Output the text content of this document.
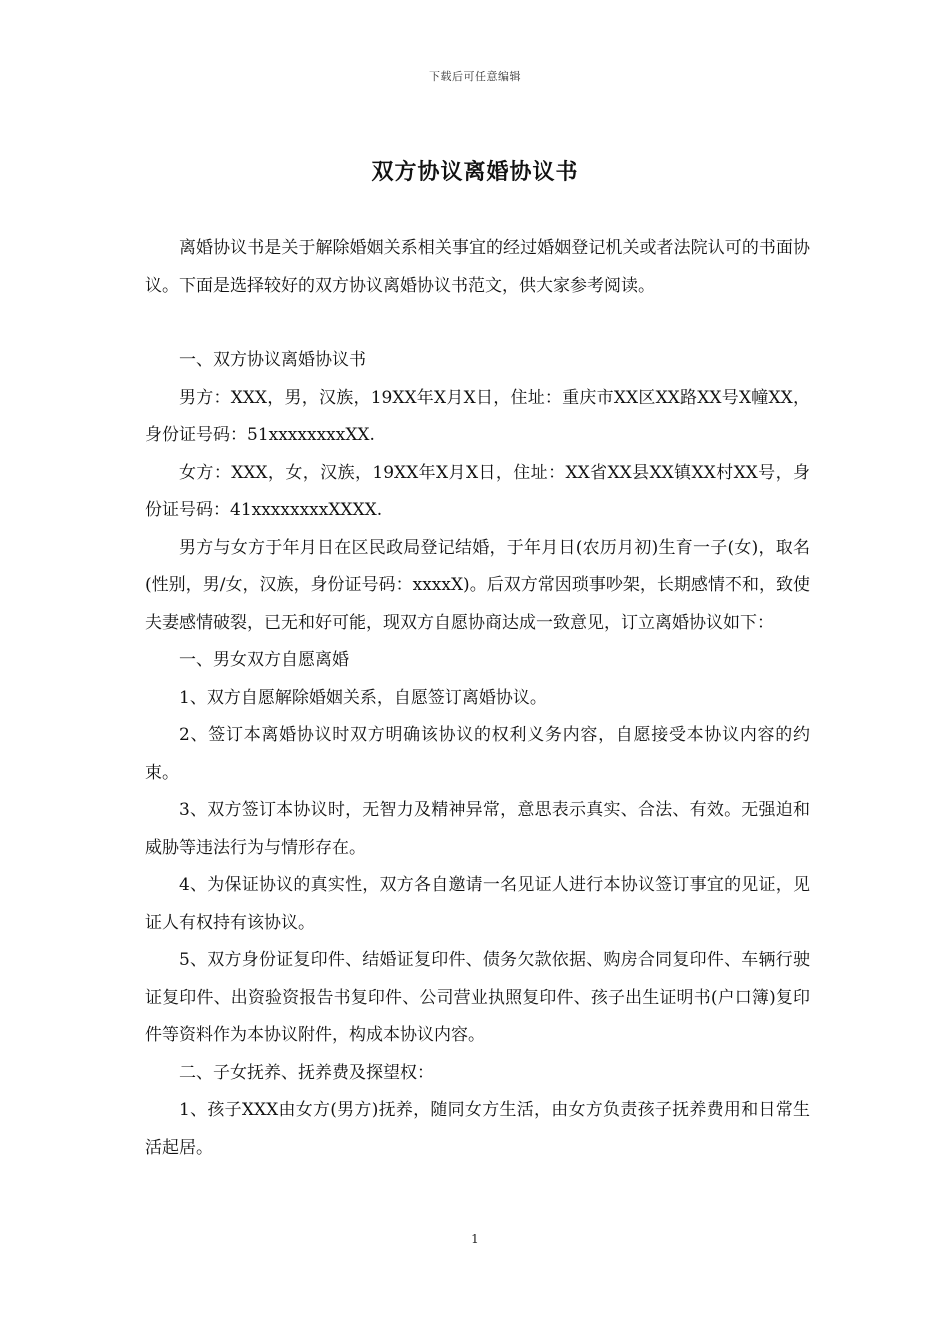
下载后可任意编辑
双方协议离婚协议书

离婚协议书是关于解除婚姻关系相关事宜的经过婚姻登记机关或者法院认可的书面协议。下面是选择较好的双方协议离婚协议书范文，供大家参考阅读。

一、双方协议离婚协议书

男方：XXX，男，汉族，19XX年X月X日，住址：重庆市XX区XX路XX号X幢XX，身份证号码：51xxxxxxxxXX.

女方：XXX，女，汉族，19XX年X月X日，住址：XX省XX县XX镇XX村XX号，身份证号码：41xxxxxxxxXXXX.

男方与女方于年月日在区民政局登记结婚，于年月日(农历月初)生育一子(女)，取名(性别，男/女，汉族，身份证号码：xxxxX)。后双方常因琐事吵架，长期感情不和，致使夫妻感情破裂，已无和好可能，现双方自愿协商达成一致意见，订立离婚协议如下：

一、男女双方自愿离婚

1、双方自愿解除婚姻关系，自愿签订离婚协议。

2、签订本离婚协议时双方明确该协议的权利义务内容，自愿接受本协议内容的约束。

3、双方签订本协议时，无智力及精神异常，意思表示真实、合法、有效。无强迫和威胁等违法行为与情形存在。

4、为保证协议的真实性，双方各自邀请一名见证人进行本协议签订事宜的见证，见证人有权持有该协议。

5、双方身份证复印件、结婚证复印件、债务欠款依据、购房合同复印件、车辆行驶证复印件、出资验资报告书复印件、公司营业执照复印件、孩子出生证明书(户口簿)复印件等资料作为本协议附件，构成本协议内容。

二、子女抚养、抚养费及探望权：

1、孩子XXX由女方(男方)抚养，随同女方生活，由女方负责孩子抚养费用和日常生活起居。

1
